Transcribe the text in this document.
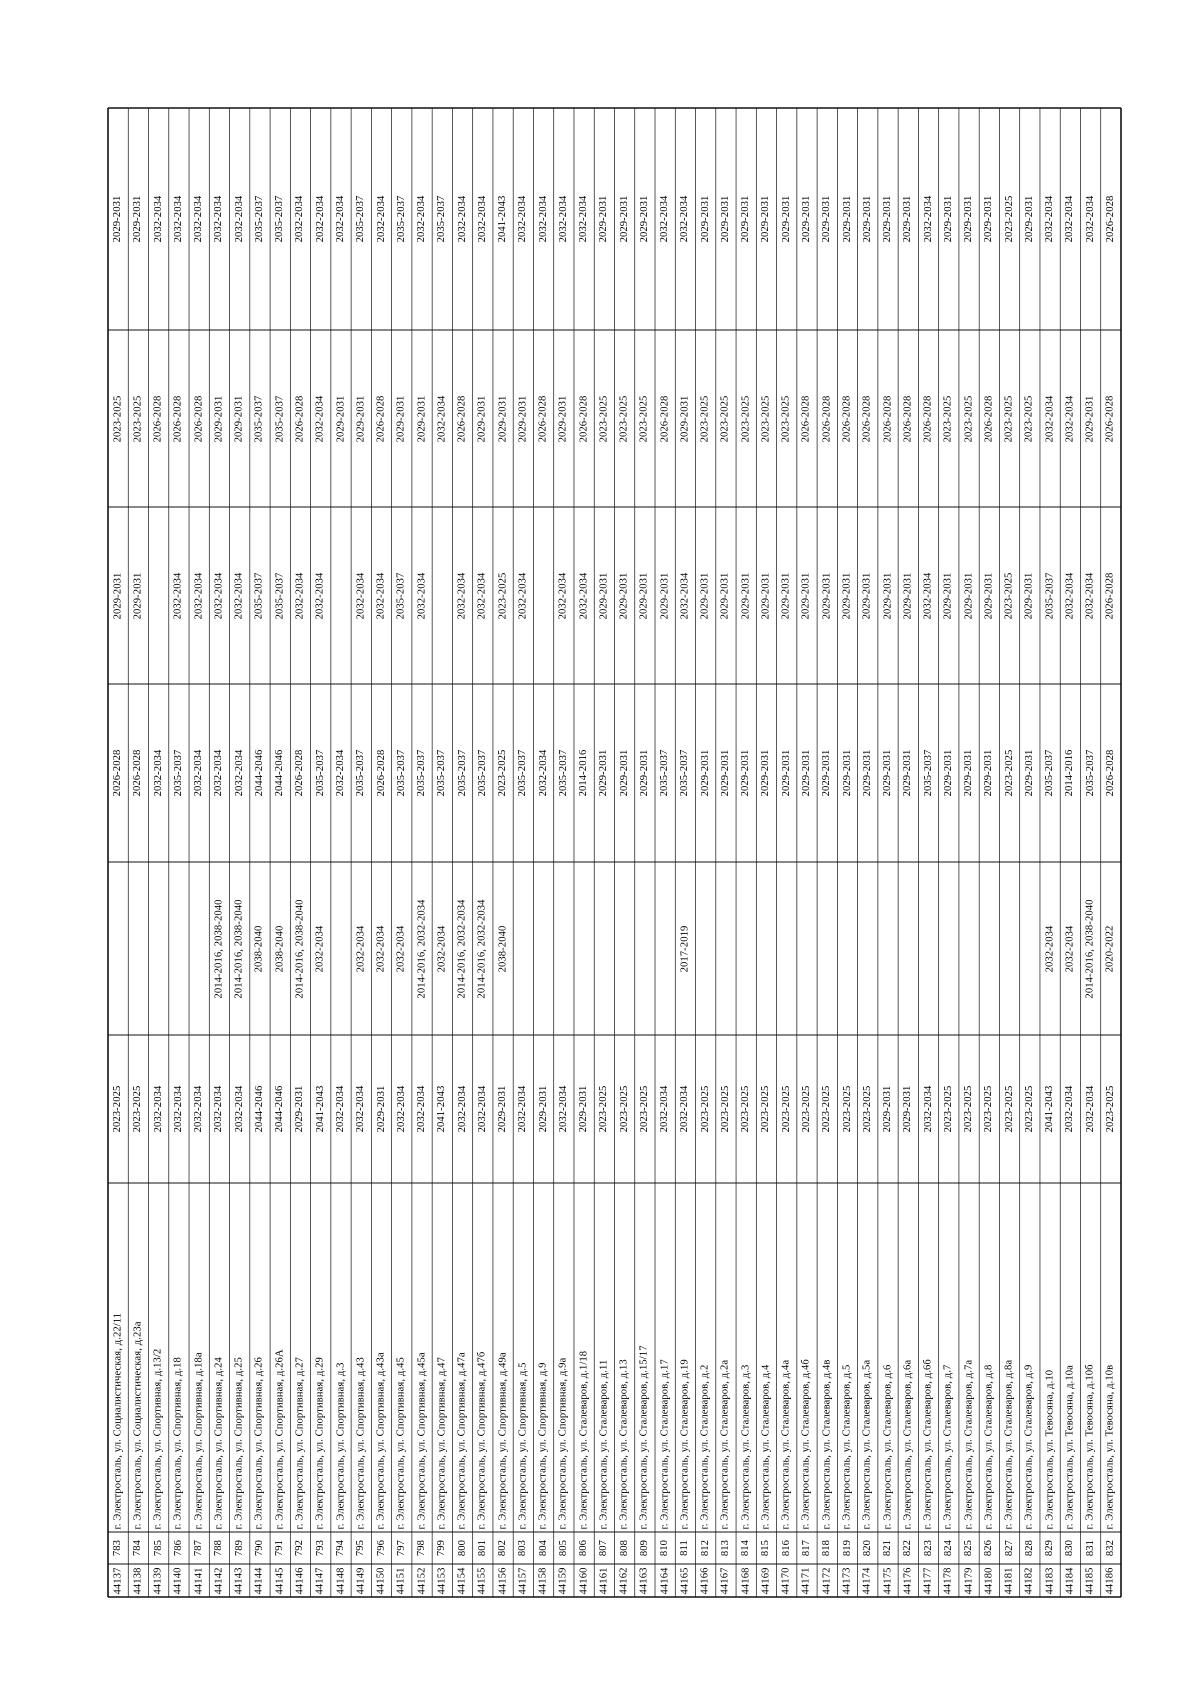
44137
783
г. Электросталь, ул. Социалистическая, д.22/11
2023-2025
2026-2028
2029-2031
2023-2025
2029-2031
44138
784
г. Электросталь, ул. Социалистическая, д.23а
2023-2025
2026-2028
2029-2031
2023-2025
2029-2031
44139
785
г. Электросталь, ул. Спортивная, д.13/2
2032-2034
2032-2034
2026-2028
2032-2034
44140
786
г. Электросталь, ул. Спортивная, д.18
2032-2034
2035-2037
2032-2034
2026-2028
2032-2034
44141
787
г. Электросталь, ул. Спортивная, д.18а
2032-2034
2032-2034
2032-2034
2026-2028
2032-2034
44142
788
г. Электросталь, ул. Спортивная, д.24
2032-2034
2014-2016, 2038-2040
2032-2034
2032-2034
2029-2031
2032-2034
44143
789
г. Электросталь, ул. Спортивная, д.25
2032-2034
2014-2016, 2038-2040
2032-2034
2032-2034
2029-2031
2032-2034
44144
790
г. Электросталь, ул. Спортивная, д.26
2044-2046
2038-2040
2044-2046
2035-2037
2035-2037
2035-2037
44145
791
г. Электросталь, ул. Спортивная, д.26А
2044-2046
2038-2040
2044-2046
2035-2037
2035-2037
2035-2037
44146
792
г. Электросталь, ул. Спортивная, д.27
2029-2031
2014-2016, 2038-2040
2026-2028
2032-2034
2026-2028
2032-2034
44147
793
г. Электросталь, ул. Спортивная, д.29
2041-2043
2032-2034
2035-2037
2032-2034
2032-2034
2032-2034
44148
794
г. Электросталь, ул. Спортивная, д.3
2032-2034
2032-2034
2029-2031
2032-2034
44149
795
г. Электросталь, ул. Спортивная, д.43
2032-2034
2032-2034
2035-2037
2032-2034
2029-2031
2035-2037
44150
796
г. Электросталь, ул. Спортивная, д.43а
2029-2031
2032-2034
2026-2028
2032-2034
2026-2028
2032-2034
44151
797
г. Электросталь, ул. Спортивная, д.45
2032-2034
2032-2034
2035-2037
2035-2037
2029-2031
2035-2037
44152
798
г. Электросталь, ул. Спортивная, д.45а
2032-2034
2014-2016, 2032-2034
2035-2037
2032-2034
2029-2031
2032-2034
44153
799
г. Электросталь, ул. Спортивная, д.47
2041-2043
2032-2034
2035-2037
2032-2034
2035-2037
44154
800
г. Электросталь, ул. Спортивная, д.47а
2032-2034
2014-2016, 2032-2034
2035-2037
2032-2034
2026-2028
2032-2034
44155
801
г. Электросталь, ул. Спортивная, д.47б
2032-2034
2014-2016, 2032-2034
2035-2037
2032-2034
2029-2031
2032-2034
44156
802
г. Электросталь, ул. Спортивная, д.49а
2029-2031
2038-2040
2023-2025
2023-2025
2029-2031
2041-2043
44157
803
г. Электросталь, ул. Спортивная, д.5
2032-2034
2035-2037
2032-2034
2029-2031
2032-2034
44158
804
г. Электросталь, ул. Спортивная, д.9
2029-2031
2032-2034
2026-2028
2032-2034
44159
805
г. Электросталь, ул. Спортивная, д.9а
2032-2034
2035-2037
2032-2034
2029-2031
2032-2034
44160
806
г. Электросталь, ул. Сталеваров, д.1/18
2029-2031
2014-2016
2032-2034
2026-2028
2032-2034
44161
807
г. Электросталь, ул. Сталеваров, д.11
2023-2025
2029-2031
2029-2031
2023-2025
2029-2031
44162
808
г. Электросталь, ул. Сталеваров, д.13
2023-2025
2029-2031
2029-2031
2023-2025
2029-2031
44163
809
г. Электросталь, ул. Сталеваров, д.15/17
2023-2025
2029-2031
2029-2031
2023-2025
2029-2031
44164
810
г. Электросталь, ул. Сталеваров, д.17
2032-2034
2035-2037
2029-2031
2026-2028
2032-2034
44165
811
г. Электросталь, ул. Сталеваров, д.19
2032-2034
2017-2019
2035-2037
2032-2034
2029-2031
2032-2034
44166
812
г. Электросталь, ул. Сталеваров, д.2
2023-2025
2029-2031
2029-2031
2023-2025
2029-2031
44167
813
г. Электросталь, ул. Сталеваров, д.2а
2023-2025
2029-2031
2029-2031
2023-2025
2029-2031
44168
814
г. Электросталь, ул. Сталеваров, д.3
2023-2025
2029-2031
2029-2031
2023-2025
2029-2031
44169
815
г. Электросталь, ул. Сталеваров, д.4
2023-2025
2029-2031
2029-2031
2023-2025
2029-2031
44170
816
г. Электросталь, ул. Сталеваров, д.4а
2023-2025
2029-2031
2029-2031
2023-2025
2029-2031
44171
817
г. Электросталь, ул. Сталеваров, д.4б
2023-2025
2029-2031
2029-2031
2026-2028
2029-2031
44172
818
г. Электросталь, ул. Сталеваров, д.4в
2023-2025
2029-2031
2029-2031
2026-2028
2029-2031
44173
819
г. Электросталь, ул. Сталеваров, д.5
2023-2025
2029-2031
2029-2031
2026-2028
2029-2031
44174
820
г. Электросталь, ул. Сталеваров, д.5а
2023-2025
2029-2031
2029-2031
2026-2028
2029-2031
44175
821
г. Электросталь, ул. Сталеваров, д.6
2029-2031
2029-2031
2029-2031
2026-2028
2029-2031
44176
822
г. Электросталь, ул. Сталеваров, д.6а
2029-2031
2029-2031
2029-2031
2026-2028
2029-2031
44177
823
г. Электросталь, ул. Сталеваров, д.6б
2032-2034
2035-2037
2032-2034
2026-2028
2032-2034
44178
824
г. Электросталь, ул. Сталеваров, д.7
2023-2025
2029-2031
2029-2031
2023-2025
2029-2031
44179
825
г. Электросталь, ул. Сталеваров, д.7а
2023-2025
2029-2031
2029-2031
2023-2025
2029-2031
44180
826
г. Электросталь, ул. Сталеваров, д.8
2023-2025
2029-2031
2029-2031
2026-2028
2029-2031
44181
827
г. Электросталь, ул. Сталеваров, д.8а
2023-2025
2023-2025
2023-2025
2023-2025
2023-2025
44182
828
г. Электросталь, ул. Сталеваров, д.9
2023-2025
2029-2031
2029-2031
2023-2025
2029-2031
44183
829
г. Электросталь, ул. Тевосяна, д.10
2041-2043
2032-2034
2035-2037
2035-2037
2032-2034
2032-2034
44184
830
г. Электросталь, ул. Тевосяна, д.10а
2032-2034
2032-2034
2014-2016
2032-2034
2032-2034
2032-2034
44185
831
г. Электросталь, ул. Тевосяна, д.10б
2032-2034
2014-2016, 2038-2040
2035-2037
2032-2034
2029-2031
2032-2034
44186
832
г. Электросталь, ул. Тевосяна, д.10в
2023-2025
2020-2022
2026-2028
2026-2028
2026-2028
2026-2028
